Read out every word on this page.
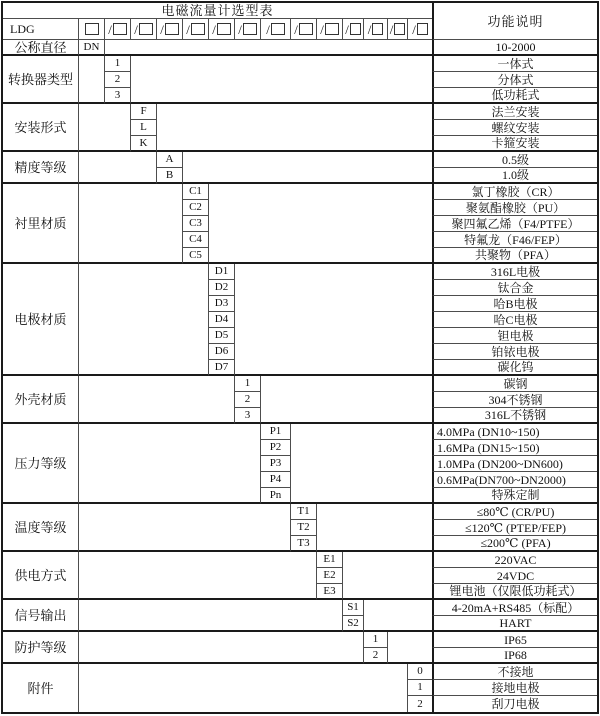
电磁流量计选型表
功能说明
LDG	/ / / / / / / / / / / / /
公称直径	DN	10-2000
转换器类型
1	一体式
2	分体式
3	低功耗式
安装形式
F	法兰安装
L	螺纹安装
K	卡箍安装
精度等级
A	0.5级
B	1.0级
衬里材质
C1	氯丁橡胶（CR）
C2	聚氨酯橡胶（PU）
C3	聚四氟乙烯（F4/PTFE）
C4	特氟龙（F46/FEP）
C5	共聚物（PFA）
电极材质
D1	316L电极
D2	钛合金
D3	哈B电极
D4	哈C电极
D5	钽电极
D6	铂铱电极
D7	碳化钨
外壳材质
1	碳钢
2	304不锈钢
3	316L不锈钢
压力等级
P1	4.0MPa (DN10~150)
P2	1.6MPa (DN15~150)
P3	1.0MPa (DN200~DN600)
P4	0.6MPa(DN700~DN2000)
Pn	特殊定制
温度等级
T1	≤80℃ (CR/PU)
T2	≤120℃ (PTEP/FEP)
T3	≤200℃ (PFA)
供电方式
E1	220VAC
E2	24VDC
E3	锂电池（仅限低功耗式）
信号输出
S1	4-20mA+RS485（标配）
S2	HART
防护等级
1	IP65
2	IP68
附件
0	不接地
1	接地电极
2	刮刀电极
